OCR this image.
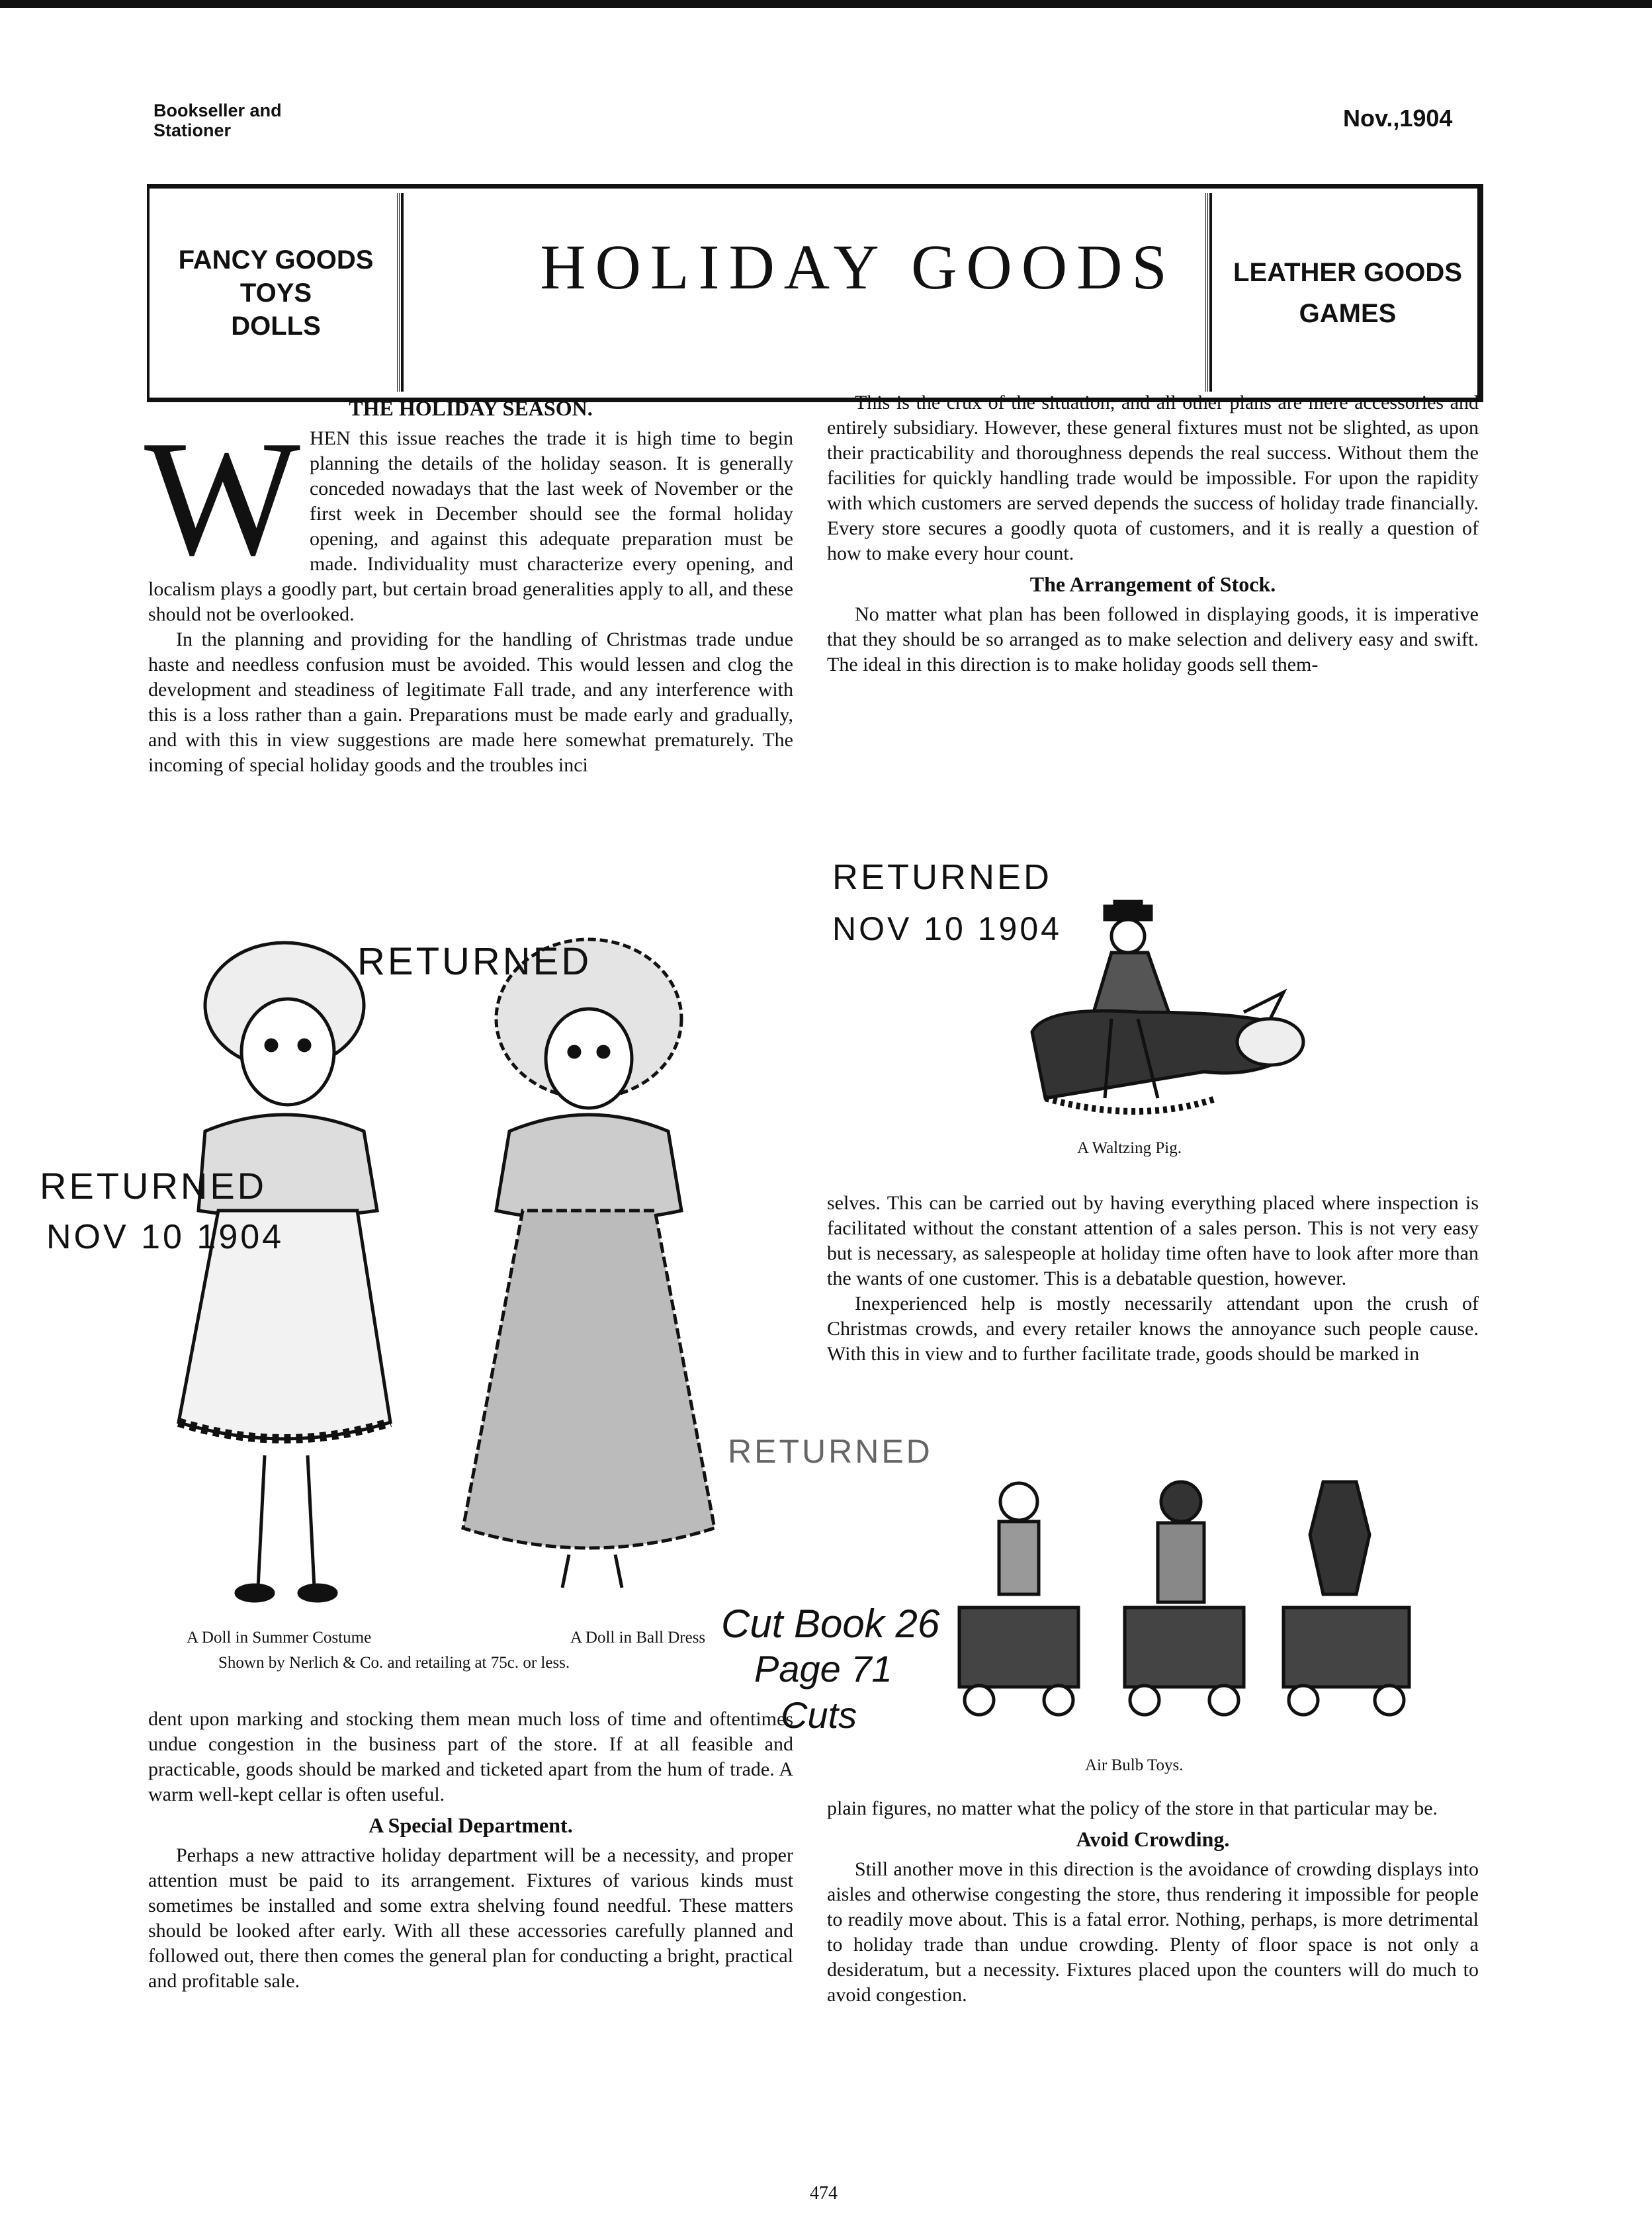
Bookseller and
Stationer	Nov.,1904
FANCY GOODS
TOYS
DOLLS
HOLIDAY GOODS	LEATHER GOODS
GAMES
THE HOLIDAY SEASON.

WHEN this issue reaches the trade it is high time to begin planning the details of the holiday season. It is generally conceded nowadays that the last week of November or the first week in December should see the formal holiday opening, and against this adequate preparation must be made. Individuality must characterize every opening, and localism plays a goodly part, but certain broad generalities apply to all, and these should not be overlooked.

In the planning and providing for the handling of Christmas trade undue haste and needless confusion must be avoided. This would lessen and clog the development and steadiness of legitimate Fall trade, and any interference with this is a loss rather than a gain. Preparations must be made early and gradually, and with this in view suggestions are made here somewhat prematurely. The incoming of special holiday goods and the troubles inci

This is the crux of the situation, and all other plans are mere accessories and entirely subsidiary. However, these general fixtures must not be slighted, as upon their practicability and thoroughness depends the real success. Without them the facilities for quickly handling trade would be impossible. For upon the rapidity with which customers are served depends the success of holiday trade financially. Every store secures a goodly quota of customers, and it is really a question of how to make every hour count.

The Arrangement of Stock.

No matter what plan has been followed in displaying goods, it is imperative that they should be so arranged as to make selection and delivery easy and swift. The ideal in this direction is to make holiday goods sell them-

A Waltzing Pig.

selves. This can be carried out by having everything placed where inspection is facilitated without the constant attention of a sales person. This is not very easy but is necessary, as salespeople at holiday time often have to look after more than the wants of one customer. This is a debatable question, however.

Inexperienced help is mostly necessarily attendant upon the crush of Christmas crowds, and every retailer knows the annoyance such people cause. With this in view and to further facilitate trade, goods should be marked in

Air Bulb Toys.
A Doll in Summer Costume	A Doll in Ball Dress
Shown by Nerlich & Co. and retailing at 75c. or less.

dent upon marking and stocking them mean much loss of time and oftentimes undue congestion in the business part of the store. If at all feasible and practicable, goods should be marked and ticketed apart from the hum of trade. A warm well-kept cellar is often useful.

A Special Department.

Perhaps a new attractive holiday department will be a necessity, and proper attention must be paid to its arrangement. Fixtures of various kinds must sometimes be installed and some extra shelving found needful. These matters should be looked after early. With all these accessories carefully planned and followed out, there then comes the general plan for conducting a bright, practical and profitable sale.

plain figures, no matter what the policy of the store in that particular may be.

Avoid Crowding.

Still another move in this direction is the avoidance of crowding displays into aisles and otherwise congesting the store, thus rendering it impossible for people to readily move about. This is a fatal error. Nothing, perhaps, is more detrimental to holiday trade than undue crowding. Plenty of floor space is not only a desideratum, but a necessity. Fixtures placed upon the counters will do much to avoid congestion.

RETURNED
NOV 10 1904
RETURNED
RETURNED
NOV 10 1904
RETURNED
Cut Book 26
Page 71
Cuts
474
